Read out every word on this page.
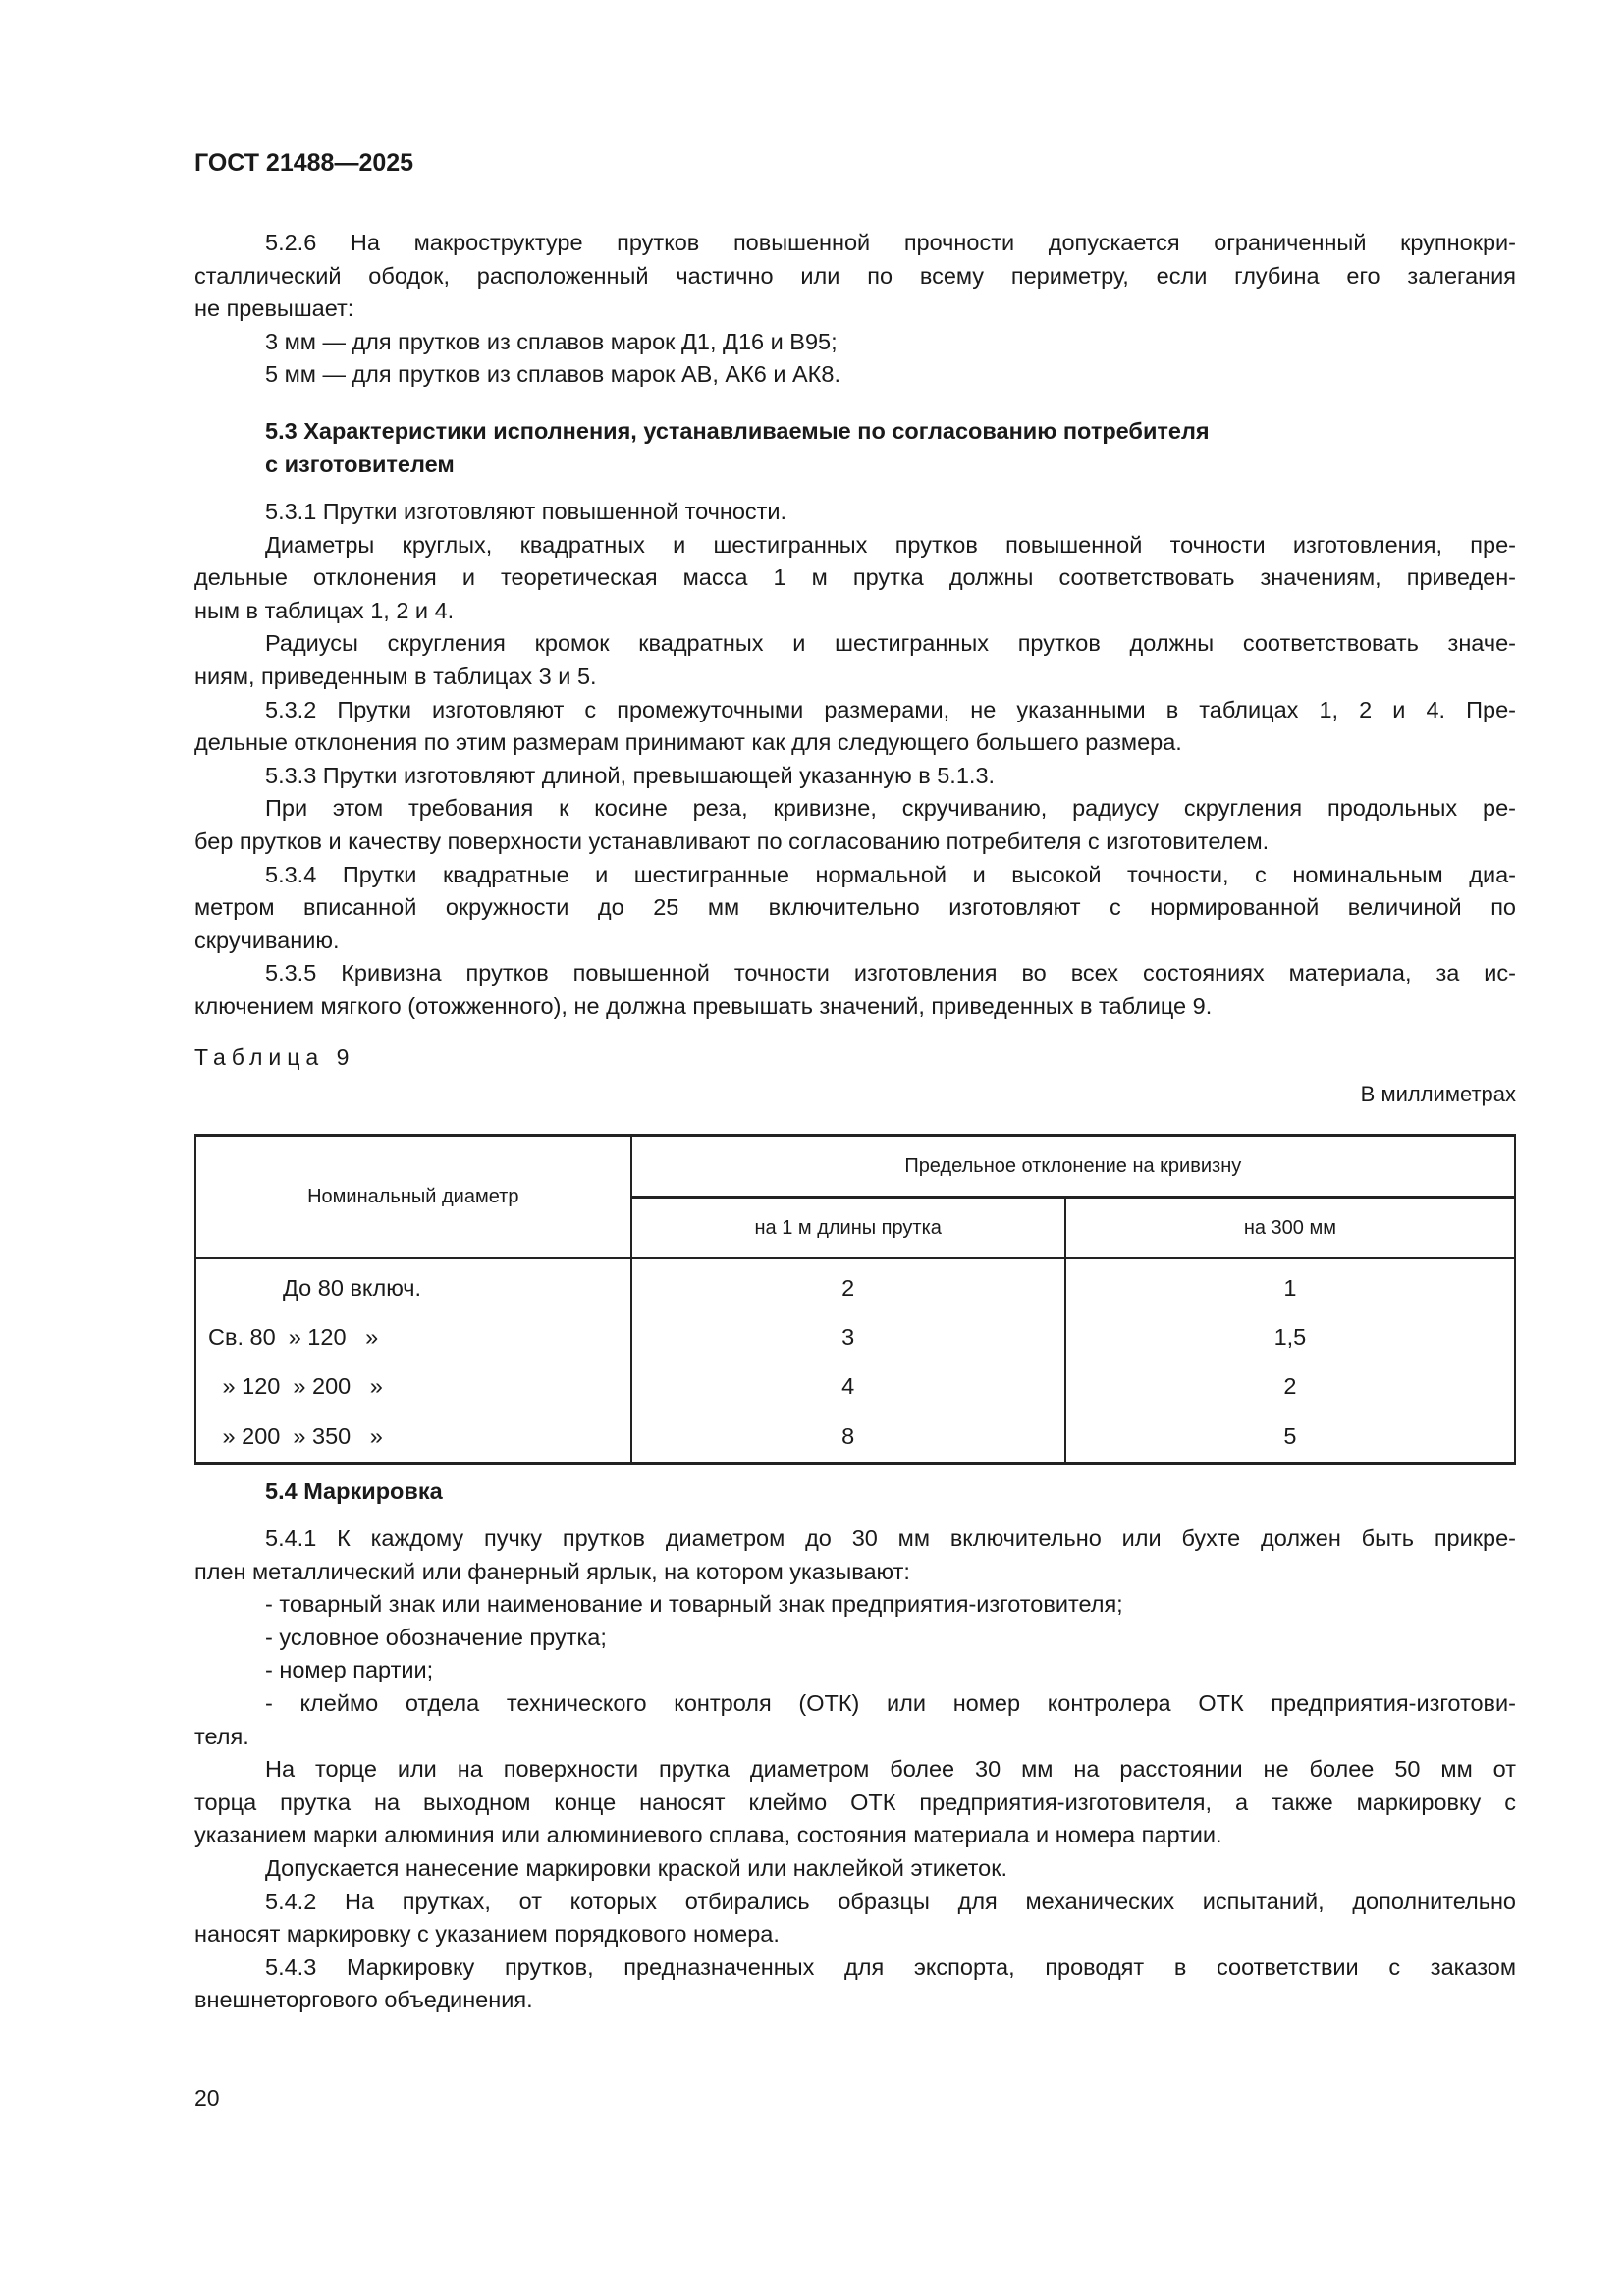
ГОСТ 21488—2025
5.2.6 На макроструктуре прутков повышенной прочности допускается ограниченный крупнокри-
сталлический ободок, расположенный частично или по всему периметру, если глубина его залегания
не превышает:
3 мм — для прутков из сплавов марок Д1, Д16 и В95;
5 мм — для прутков из сплавов марок АВ, АК6 и АК8.
5.3 Характеристики исполнения, устанавливаемые по согласованию потребителя
с изготовителем
5.3.1 Прутки изготовляют повышенной точности.
Диаметры круглых, квадратных и шестигранных прутков повышенной точности изготовления, пре-
дельные отклонения и теоретическая масса 1 м прутка должны соответствовать значениям, приведен-
ным в таблицах 1, 2 и 4.
Радиусы скругления кромок квадратных и шестигранных прутков должны соответствовать значе-
ниям, приведенным в таблицах 3 и 5.
5.3.2 Прутки изготовляют с промежуточными размерами, не указанными в таблицах 1, 2 и 4. Пре-
дельные отклонения по этим размерам принимают как для следующего большего размера.
5.3.3 Прутки изготовляют длиной, превышающей указанную в 5.1.3.
При этом требования к косине реза, кривизне, скручиванию, радиусу скругления продольных ре-
бер прутков и качеству поверхности устанавливают по согласованию потребителя с изготовителем.
5.3.4 Прутки квадратные и шестигранные нормальной и высокой точности, с номинальным диа-
метром вписанной окружности до 25 мм включительно изготовляют с нормированной величиной по
скручиванию.
5.3.5 Кривизна прутков повышенной точности изготовления во всех состояниях материала, за ис-
ключением мягкого (отожженного), не должна превышать значений, приведенных в таблице 9.
Таблица 9
В миллиметрах
Номинальный диаметр	Предельное отклонение на кривизну	
	на 1 м длины прутка	на 300 мм

До 80 включ.	2	1
Св. 80  » 120   »	3	1,5
» 120  » 200   »	4	2
» 200  » 350   »	8	5
5.4 Маркировка
5.4.1 К каждому пучку прутков диаметром до 30 мм включительно или бухте должен быть прикре-
плен металлический или фанерный ярлык, на котором указывают:
- товарный знак или наименование и товарный знак предприятия-изготовителя;
- условное обозначение прутка;
- номер партии;
- клеймо отдела технического контроля (ОТК) или номер контролера ОТК предприятия-изготови-
теля.
На торце или на поверхности прутка диаметром более 30 мм на расстоянии не более 50 мм от
торца прутка на выходном конце наносят клеймо ОТК предприятия-изготовителя, а также маркировку с
указанием марки алюминия или алюминиевого сплава, состояния материала и номера партии.
Допускается нанесение маркировки краской или наклейкой этикеток.
5.4.2 На прутках, от которых отбирались образцы для механических испытаний, дополнительно
наносят маркировку с указанием порядкового номера.
5.4.3 Маркировку прутков, предназначенных для экспорта, проводят в соответствии с заказом
внешнеторгового объединения.
20
